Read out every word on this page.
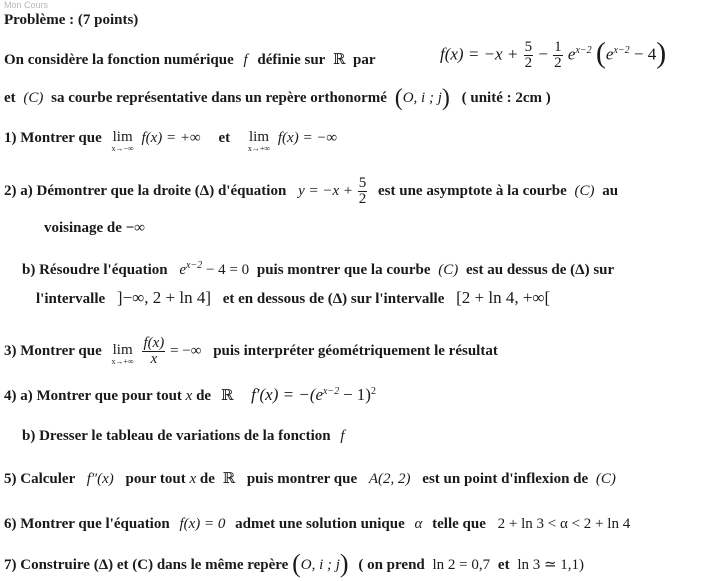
Mon Cours
Problème : (7 points)
On considère la fonction numérique f définie sur ℝ par	$f(x) = -x + \frac{5}{2} - \frac{1}{2} e^{x-2}$ $(e^{x-2} - 4)$
et (C) sa courbe représentative dans un repère orthonormé (O, i ; j) ( unité : 2cm )
1) Montrer que lim
x→−∞
f(x) = +∞ et lim
x→+∞
f(x) = −∞
2) a) Démontrer que la droite (Δ) d'équation $y = -x + \frac{5}{2}$ est une asymptote à la courbe (C) au
voisinage de −∞
b) Résoudre l'équation $e^{x-2} - 4 = 0$ puis montrer que la courbe (C) est au dessus de (Δ) sur
l'intervalle ]−∞, 2 + ln 4] et en dessous de (Δ) sur l'intervalle [2 + ln 4, +∞[
3) Montrer que lim
x→+∞
$\frac{f(x)}{x}$ = −∞ puis interpréter géométriquement le résultat
4) a) Montrer que pour tout x de ℝ $f'(x) = -(e^{x-2} - 1)^2$
b) Dresser le tableau de variations de la fonction f
5) Calculer f″(x) pour tout x de ℝ puis montrer que A(2, 2) est un point d'inflexion de (C)
6) Montrer que l'équation f(x) = 0 admet une solution unique α telle que 2 + ln 3 < α < 2 + ln 4
7) Construire (Δ) et (C) dans le même repère (O, i ; j) ( on prend ln 2 = 0,7 et ln 3 ≃ 1,1)
